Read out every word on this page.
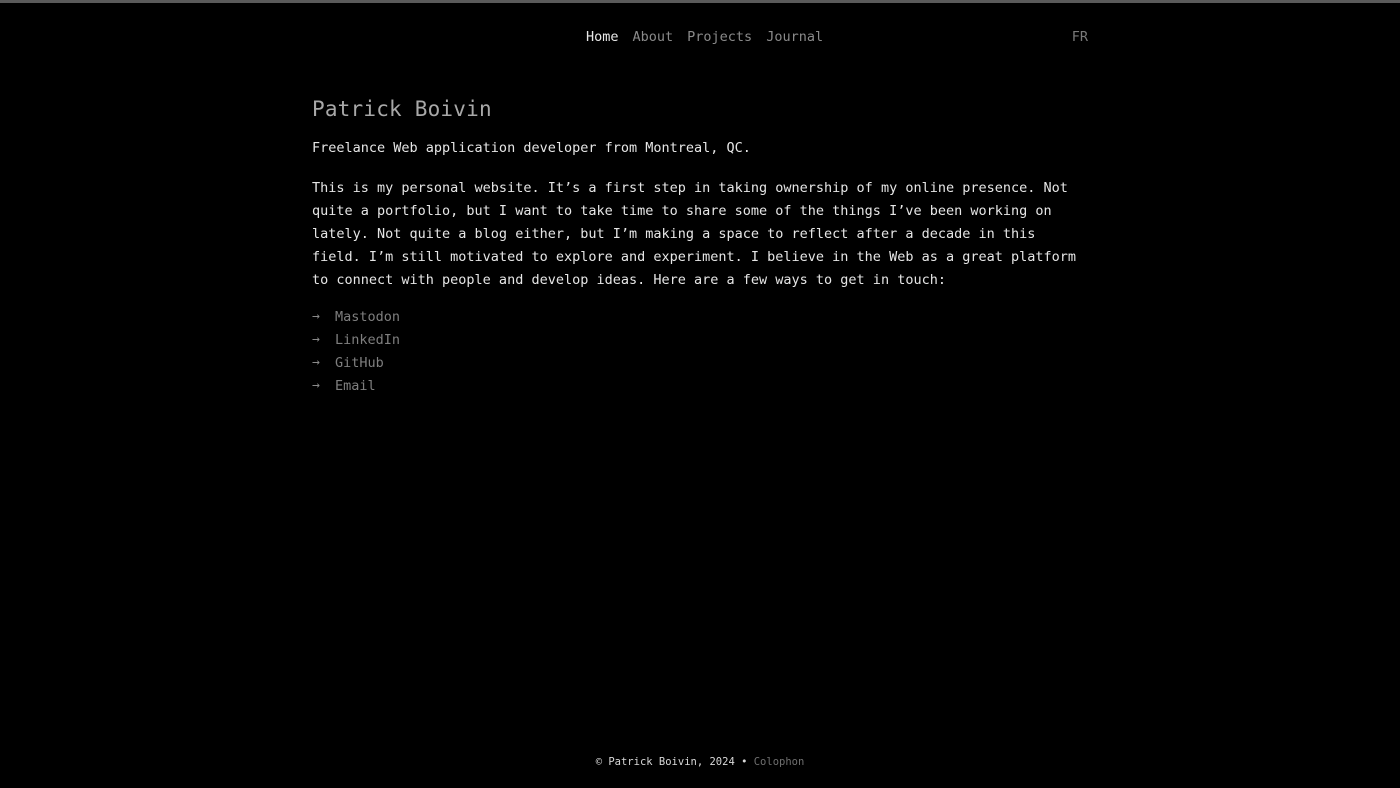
Home About Projects Journal	FR
Patrick Boivin

Freelance Web application developer from Montreal, QC.

This is my personal website. It’s a first step in taking ownership of my online presence. Not quite a portfolio, but I want to take time to share some of the things I’ve been working on lately. Not quite a blog either, but I’m making a space to reflect after a decade in this field. I’m still motivated to explore and experiment. I believe in the Web as a great platform to connect with people and develop ideas. Here are a few ways to get in touch:

→	Mastodon
→	LinkedIn
→	GitHub
→	Email
© Patrick Boivin, 2024 • Colophon
